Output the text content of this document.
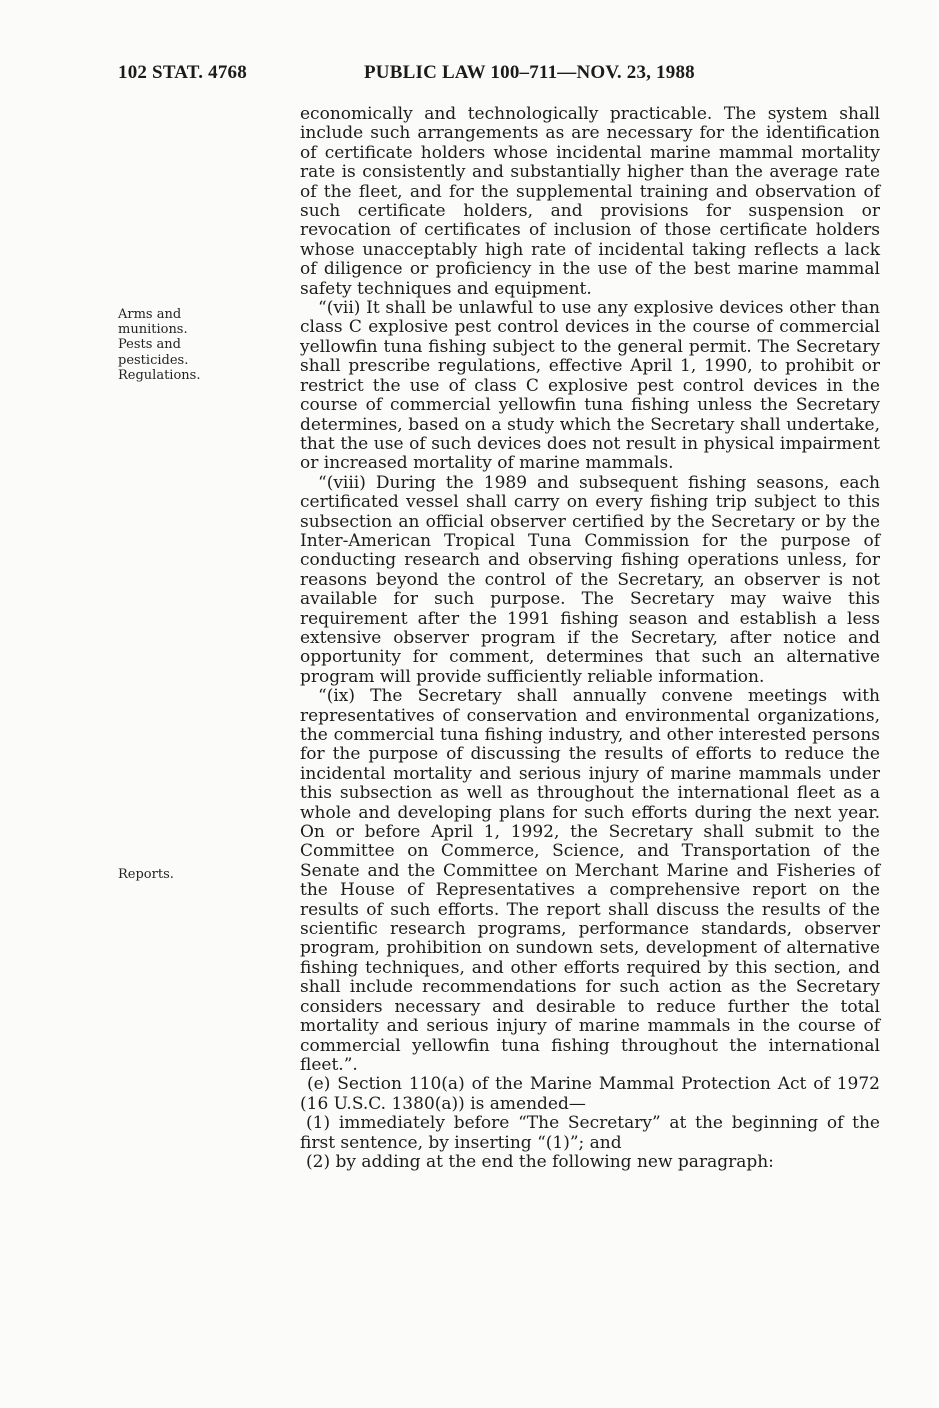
102 STAT. 4768	PUBLIC LAW 100–711—NOV. 23, 1988
Arms and
munitions.
Pests and
pesticides.
Regulations.
Reports.

economically and technologically practicable. The system shall include such arrangements as are necessary for the identification of certificate holders whose incidental marine mammal mortality rate is consistently and substantially higher than the average rate of the fleet, and for the supplemental training and observation of such certificate holders, and provisions for suspension or revocation of certificates of inclusion of those certificate holders whose unacceptably high rate of incidental taking reflects a lack of diligence or proficiency in the use of the best marine mammal safety techniques and equipment.

“(vii) It shall be unlawful to use any explosive devices other than class C explosive pest control devices in the course of commercial yellowfin tuna fishing subject to the general permit. The Secretary shall prescribe regulations, effective April 1, 1990, to prohibit or restrict the use of class C explosive pest control devices in the course of commercial yellowfin tuna fishing unless the Secretary determines, based on a study which the Secretary shall undertake, that the use of such devices does not result in physical impairment or increased mortality of marine mammals.

“(viii) During the 1989 and subsequent fishing seasons, each certificated vessel shall carry on every fishing trip subject to this subsection an official observer certified by the Secretary or by the Inter-American Tropical Tuna Commission for the purpose of conducting research and observing fishing operations unless, for reasons beyond the control of the Secretary, an observer is not available for such purpose. The Secretary may waive this requirement after the 1991 fishing season and establish a less extensive observer program if the Secretary, after notice and opportunity for comment, determines that such an alternative program will provide sufficiently reliable information.

“(ix) The Secretary shall annually convene meetings with representatives of conservation and environmental organizations, the commercial tuna fishing industry, and other interested persons for the purpose of discussing the results of efforts to reduce the incidental mortality and serious injury of marine mammals under this subsection as well as throughout the international fleet as a whole and developing plans for such efforts during the next year. On or before April 1, 1992, the Secretary shall submit to the Committee on Commerce, Science, and Transportation of the Senate and the Committee on Merchant Marine and Fisheries of the House of Representatives a comprehensive report on the results of such efforts. The report shall discuss the results of the scientific research programs, performance standards, observer program, prohibition on sundown sets, development of alternative fishing techniques, and other efforts required by this section, and shall include recommendations for such action as the Secretary considers necessary and desirable to reduce further the total mortality and serious injury of marine mammals in the course of commercial yellowfin tuna fishing throughout the international fleet.”.

(e) Section 110(a) of the Marine Mammal Protection Act of 1972 (16 U.S.C. 1380(a)) is amended—

(1) immediately before “The Secretary” at the beginning of the first sentence, by inserting “(1)”; and

(2) by adding at the end the following new paragraph:
